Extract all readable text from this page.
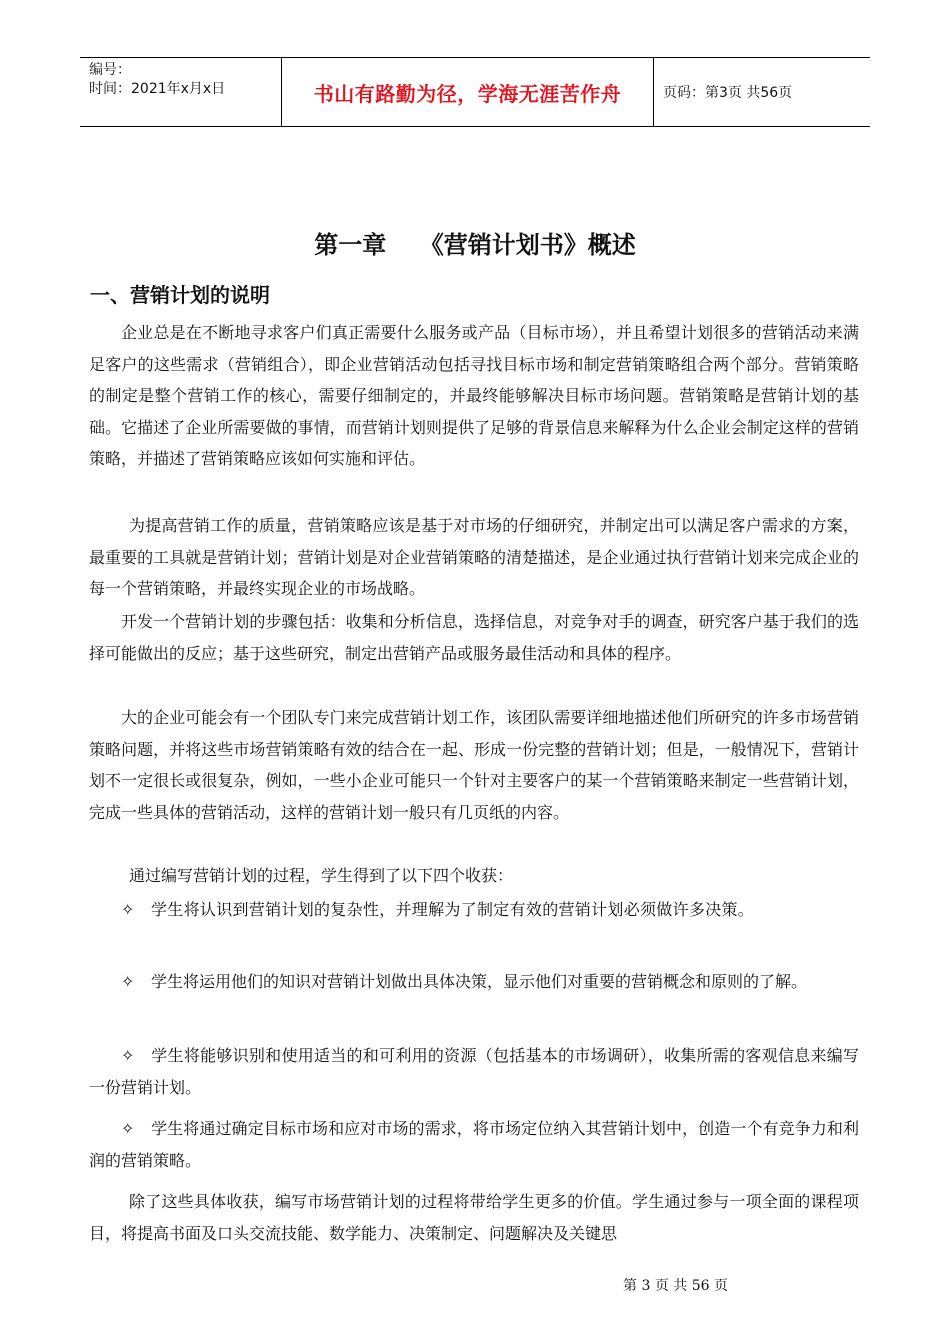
编号：
时间：2021年x月x日	书山有路勤为径，学海无涯苦作舟	页码：第3页 共56页
第一章    《营销计划书》概述
一、营销计划的说明

企业总是在不断地寻求客户们真正需要什么服务或产品（目标市场），并且希望计划很多的营销活动来满足客户的这些需求（营销组合），即企业营销活动包括寻找目标市场和制定营销策略组合两个部分。营销策略的制定是整个营销工作的核心，需要仔细制定的，并最终能够解决目标市场问题。营销策略是营销计划的基础。它描述了企业所需要做的事情，而营销计划则提供了足够的背景信息来解释为什么企业会制定这样的营销策略，并描述了营销策略应该如何实施和评估。

为提高营销工作的质量，营销策略应该是基于对市场的仔细研究，并制定出可以满足客户需求的方案，最重要的工具就是营销计划；营销计划是对企业营销策略的清楚描述，是企业通过执行营销计划来完成企业的每一个营销策略，并最终实现企业的市场战略。

开发一个营销计划的步骤包括：收集和分析信息，选择信息，对竞争对手的调查，研究客户基于我们的选择可能做出的反应；基于这些研究，制定出营销产品或服务最佳活动和具体的程序。

大的企业可能会有一个团队专门来完成营销计划工作，该团队需要详细地描述他们所研究的许多市场营销策略问题，并将这些市场营销策略有效的结合在一起、形成一份完整的营销计划；但是，一般情况下，营销计划不一定很长或很复杂，例如，一些小企业可能只一个针对主要客户的某一个营销策略来制定一些营销计划，完成一些具体的营销活动，这样的营销计划一般只有几页纸的内容。

通过编写营销计划的过程，学生得到了以下四个收获：

✧ 学生将认识到营销计划的复杂性，并理解为了制定有效的营销计划必须做许多决策。

✧ 学生将运用他们的知识对营销计划做出具体决策，显示他们对重要的营销概念和原则的了解。

✧ 学生将能够识别和使用适当的和可利用的资源（包括基本的市场调研），收集所需的客观信息来编写一份营销计划。

✧ 学生将通过确定目标市场和应对市场的需求，将市场定位纳入其营销计划中，创造一个有竞争力和利润的营销策略。

除了这些具体收获，编写市场营销计划的过程将带给学生更多的价值。学生通过参与一项全面的课程项目，将提高书面及口头交流技能、数学能力、决策制定、问题解决及关键思

第 3 页 共 56 页
